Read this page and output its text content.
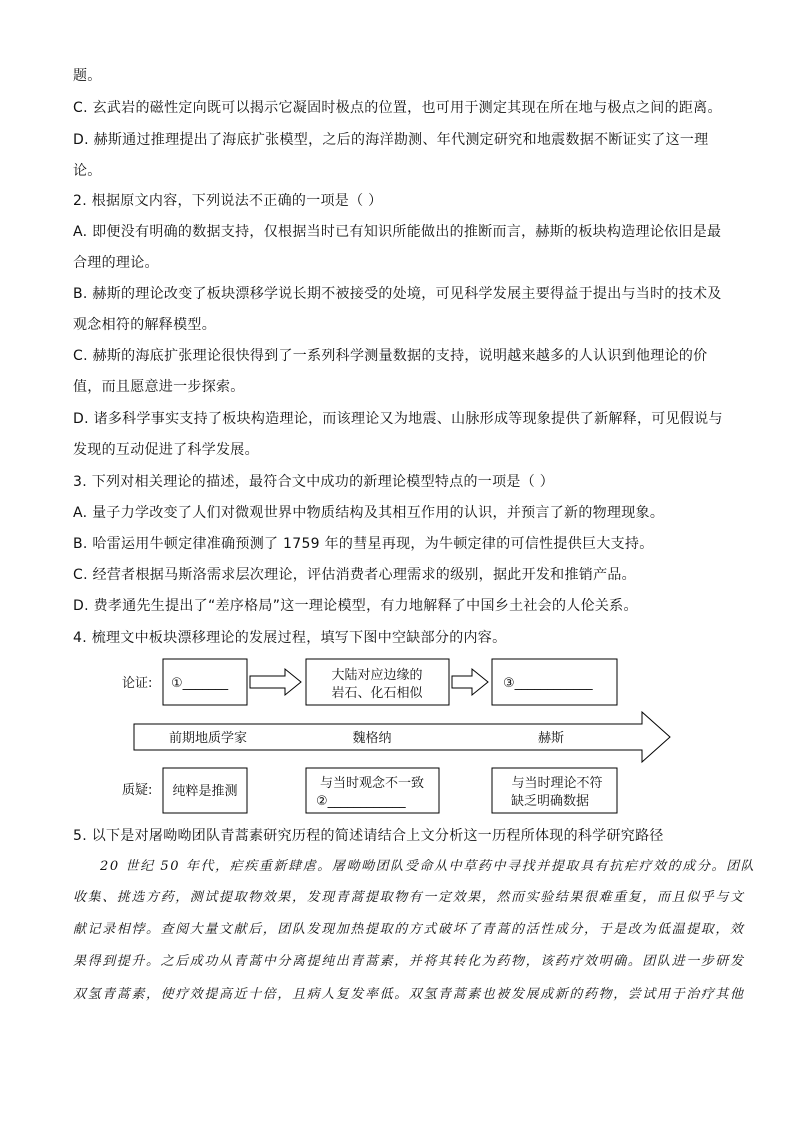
题。
C. 玄武岩的磁性定向既可以揭示它凝固时极点的位置，也可用于测定其现在所在地与极点之间的距离。
D. 赫斯通过推理提出了海底扩张模型，之后的海洋勘测、年代测定研究和地震数据不断证实了这一理
论。
2. 根据原文内容，下列说法不正确的一项是（ ）
A. 即便没有明确的数据支持，仅根据当时已有知识所能做出的推断而言，赫斯的板块构造理论依旧是最
合理的理论。
B. 赫斯的理论改变了板块漂移学说长期不被接受的处境，可见科学发展主要得益于提出与当时的技术及
观念相符的解释模型。
C. 赫斯的海底扩张理论很快得到了一系列科学测量数据的支持，说明越来越多的人认识到他理论的价
值，而且愿意进一步探索。
D. 诸多科学事实支持了板块构造理论，而该理论又为地震、山脉形成等现象提供了新解释，可见假说与
发现的互动促进了科学发展。
3. 下列对相关理论的描述，最符合文中成功的新理论模型特点的一项是（ ）
A. 量子力学改变了人们对微观世界中物质结构及其相互作用的认识，并预言了新的物理现象。
B. 哈雷运用牛顿定律准确预测了 1759 年的彗星再现，为牛顿定律的可信性提供巨大支持。
C. 经营者根据马斯洛需求层次理论，评估消费者心理需求的级别，据此开发和推销产品。
D. 费孝通先生提出了“差序格局”这一理论模型，有力地解释了中国乡土社会的人伦关系。
4. 梳理文中板块漂移理论的发展过程，填写下图中空缺部分的内容。
论证: ①_______
大陆对应边缘的
岩石、化石相似
③____________
前期地质学家	魏格纳	赫斯
质疑: 纯粹是推测
与当时观念不一致
②____________
与当时理论不符
缺乏明确数据
5. 以下是对屠呦呦团队青蒿素研究历程的简述请结合上文分析这一历程所体现的科学研究路径
20 世纪 50 年代，疟疾重新肆虐。屠呦呦团队受命从中草药中寻找并提取具有抗疟疗效的成分。团队
收集、挑选方药，测试提取物效果，发现青蒿提取物有一定效果，然而实验结果很难重复，而且似乎与文
献记录相悖。查阅大量文献后，团队发现加热提取的方式破坏了青蒿的活性成分，于是改为低温提取，效
果得到提升。之后成功从青蒿中分离提纯出青蒿素，并将其转化为药物，该药疗效明确。团队进一步研发
双氢青蒿素，使疗效提高近十倍，且病人复发率低。双氢青蒿素也被发展成新的药物，尝试用于治疗其他
